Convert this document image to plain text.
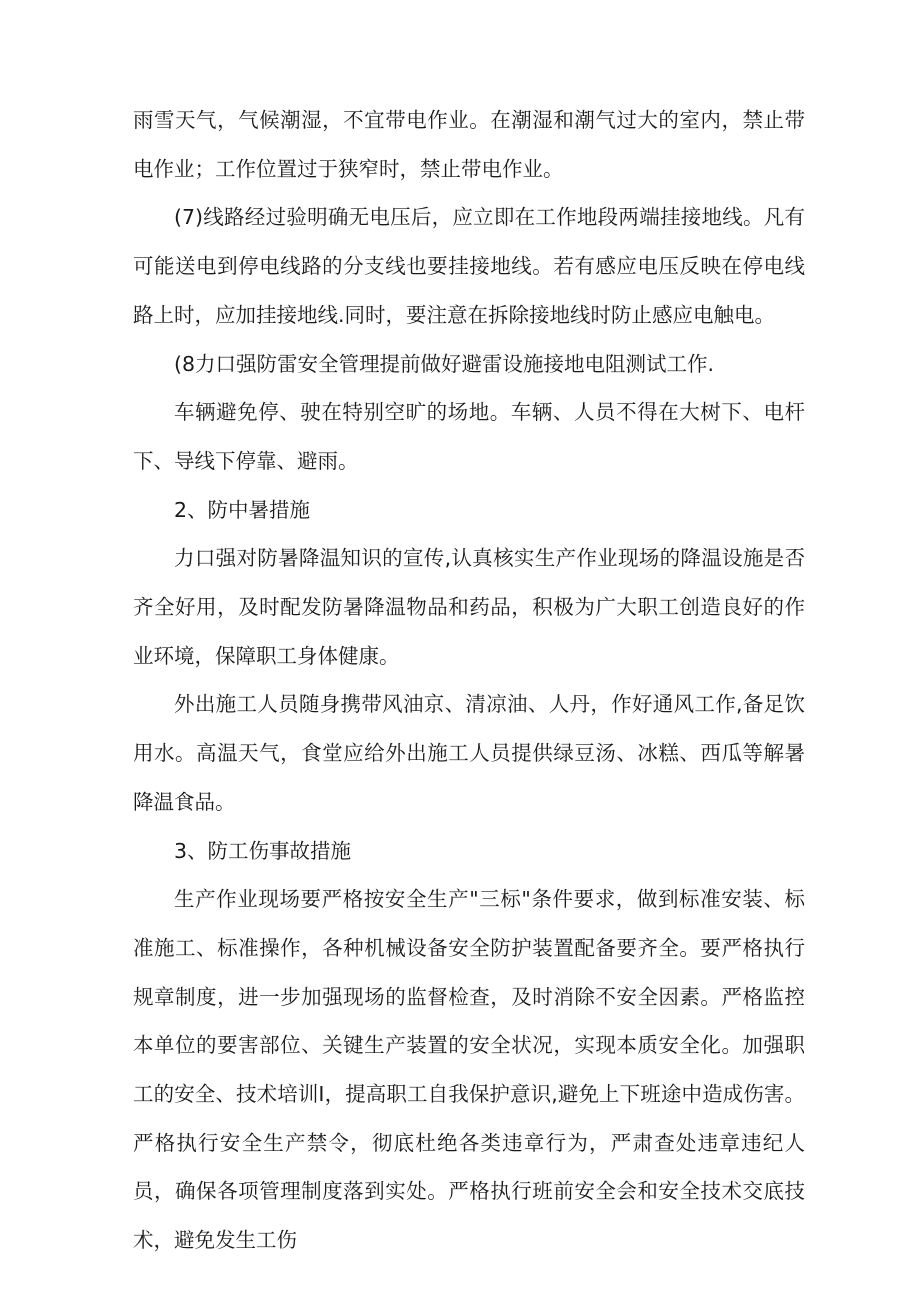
雨雪天气，气候潮湿，不宜带电作业。在潮湿和潮气过大的室内，禁止带电作业；工作位置过于狭窄时，禁止带电作业。

(7)线路经过验明确无电压后，应立即在工作地段两端挂接地线。凡有可能送电到停电线路的分支线也要挂接地线。若有感应电压反映在停电线路上时，应加挂接地线.同时，要注意在拆除接地线时防止感应电触电。

(8力口强防雷安全管理提前做好避雷设施接地电阻测试工作.

车辆避免停、驶在特别空旷的场地。车辆、人员不得在大树下、电杆下、导线下停靠、避雨。

2、防中暑措施

力口强对防暑降温知识的宣传,认真核实生产作业现场的降温设施是否齐全好用，及时配发防暑降温物品和药品，积极为广大职工创造良好的作业环境，保障职工身体健康。

外出施工人员随身携带风油京、清凉油、人丹，作好通风工作,备足饮用水。高温天气，食堂应给外出施工人员提供绿豆汤、冰糕、西瓜等解暑降温食品。

3、防工伤事故措施

生产作业现场要严格按安全生产"三标"条件要求，做到标准安装、标准施工、标准操作，各种机械设备安全防护装置配备要齐全。要严格执行规章制度，进一步加强现场的监督检查，及时消除不安全因素。严格监控本单位的要害部位、关键生产装置的安全状况，实现本质安全化。加强职工的安全、技术培训I，提高职工自我保护意识,避免上下班途中造成伤害。严格执行安全生产禁令，彻底杜绝各类违章行为，严肃查处违章违纪人员，确保各项管理制度落到实处。严格执行班前安全会和安全技术交底技术，避免发生工伤
